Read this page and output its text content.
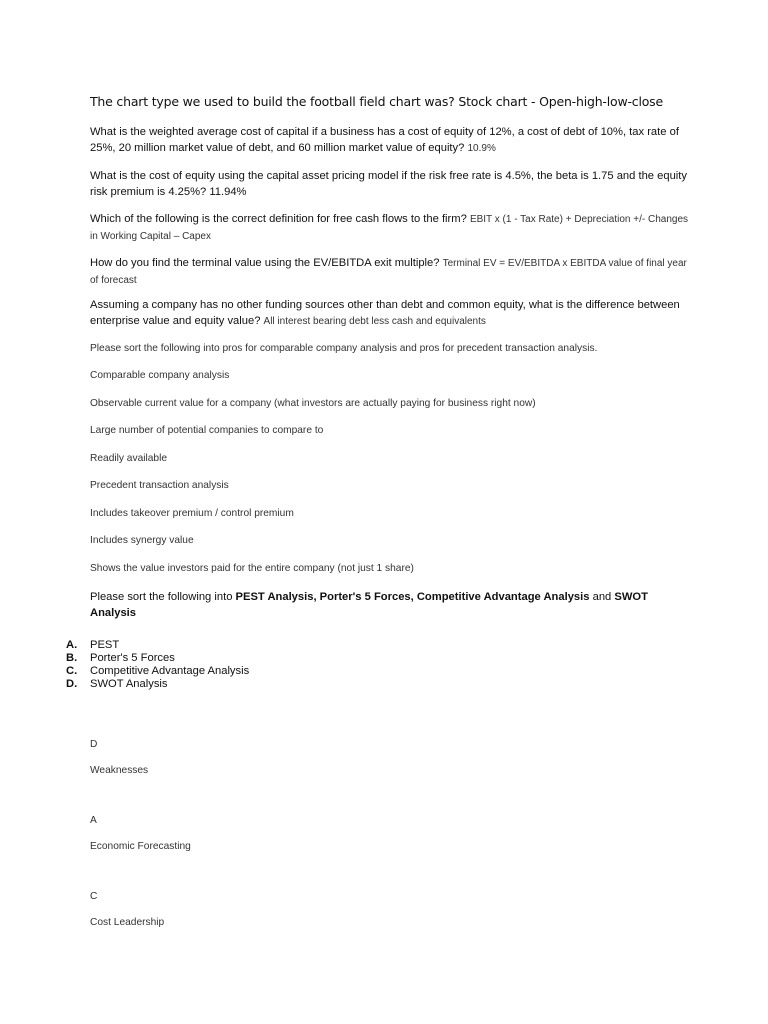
The chart type we used to build the football field chart was? Stock chart - Open-high-low-close
What is the weighted average cost of capital if a business has a cost of equity of 12%, a cost of debt of 10%, tax rate of 25%, 20 million market value of debt, and 60 million market value of equity? 10.9%
What is the cost of equity using the capital asset pricing model if the risk free rate is 4.5%, the beta is 1.75 and the equity risk premium is 4.25%? 11.94%
Which of the following is the correct definition for free cash flows to the firm? EBIT x (1 - Tax Rate) + Depreciation +/- Changes in Working Capital – Capex
How do you find the terminal value using the EV/EBITDA exit multiple? Terminal EV = EV/EBITDA x EBITDA value of final year of forecast
Assuming a company has no other funding sources other than debt and common equity, what is the difference between enterprise value and equity value? All interest bearing debt less cash and equivalents
Please sort the following into pros for comparable company analysis and pros for precedent transaction analysis.
Comparable company analysis
Observable current value for a company (what investors are actually paying for business right now)
Large number of potential companies to compare to
Readily available
Precedent transaction analysis
Includes takeover premium / control premium
Includes synergy value
Shows the value investors paid for the entire company (not just 1 share)
Please sort the following into PEST Analysis, Porter's 5 Forces, Competitive Advantage Analysis and SWOT Analysis
A.	PEST
B.	Porter's 5 Forces
C.	Competitive Advantage Analysis
D.	SWOT Analysis
D
Weaknesses
A
Economic Forecasting
C
Cost Leadership
